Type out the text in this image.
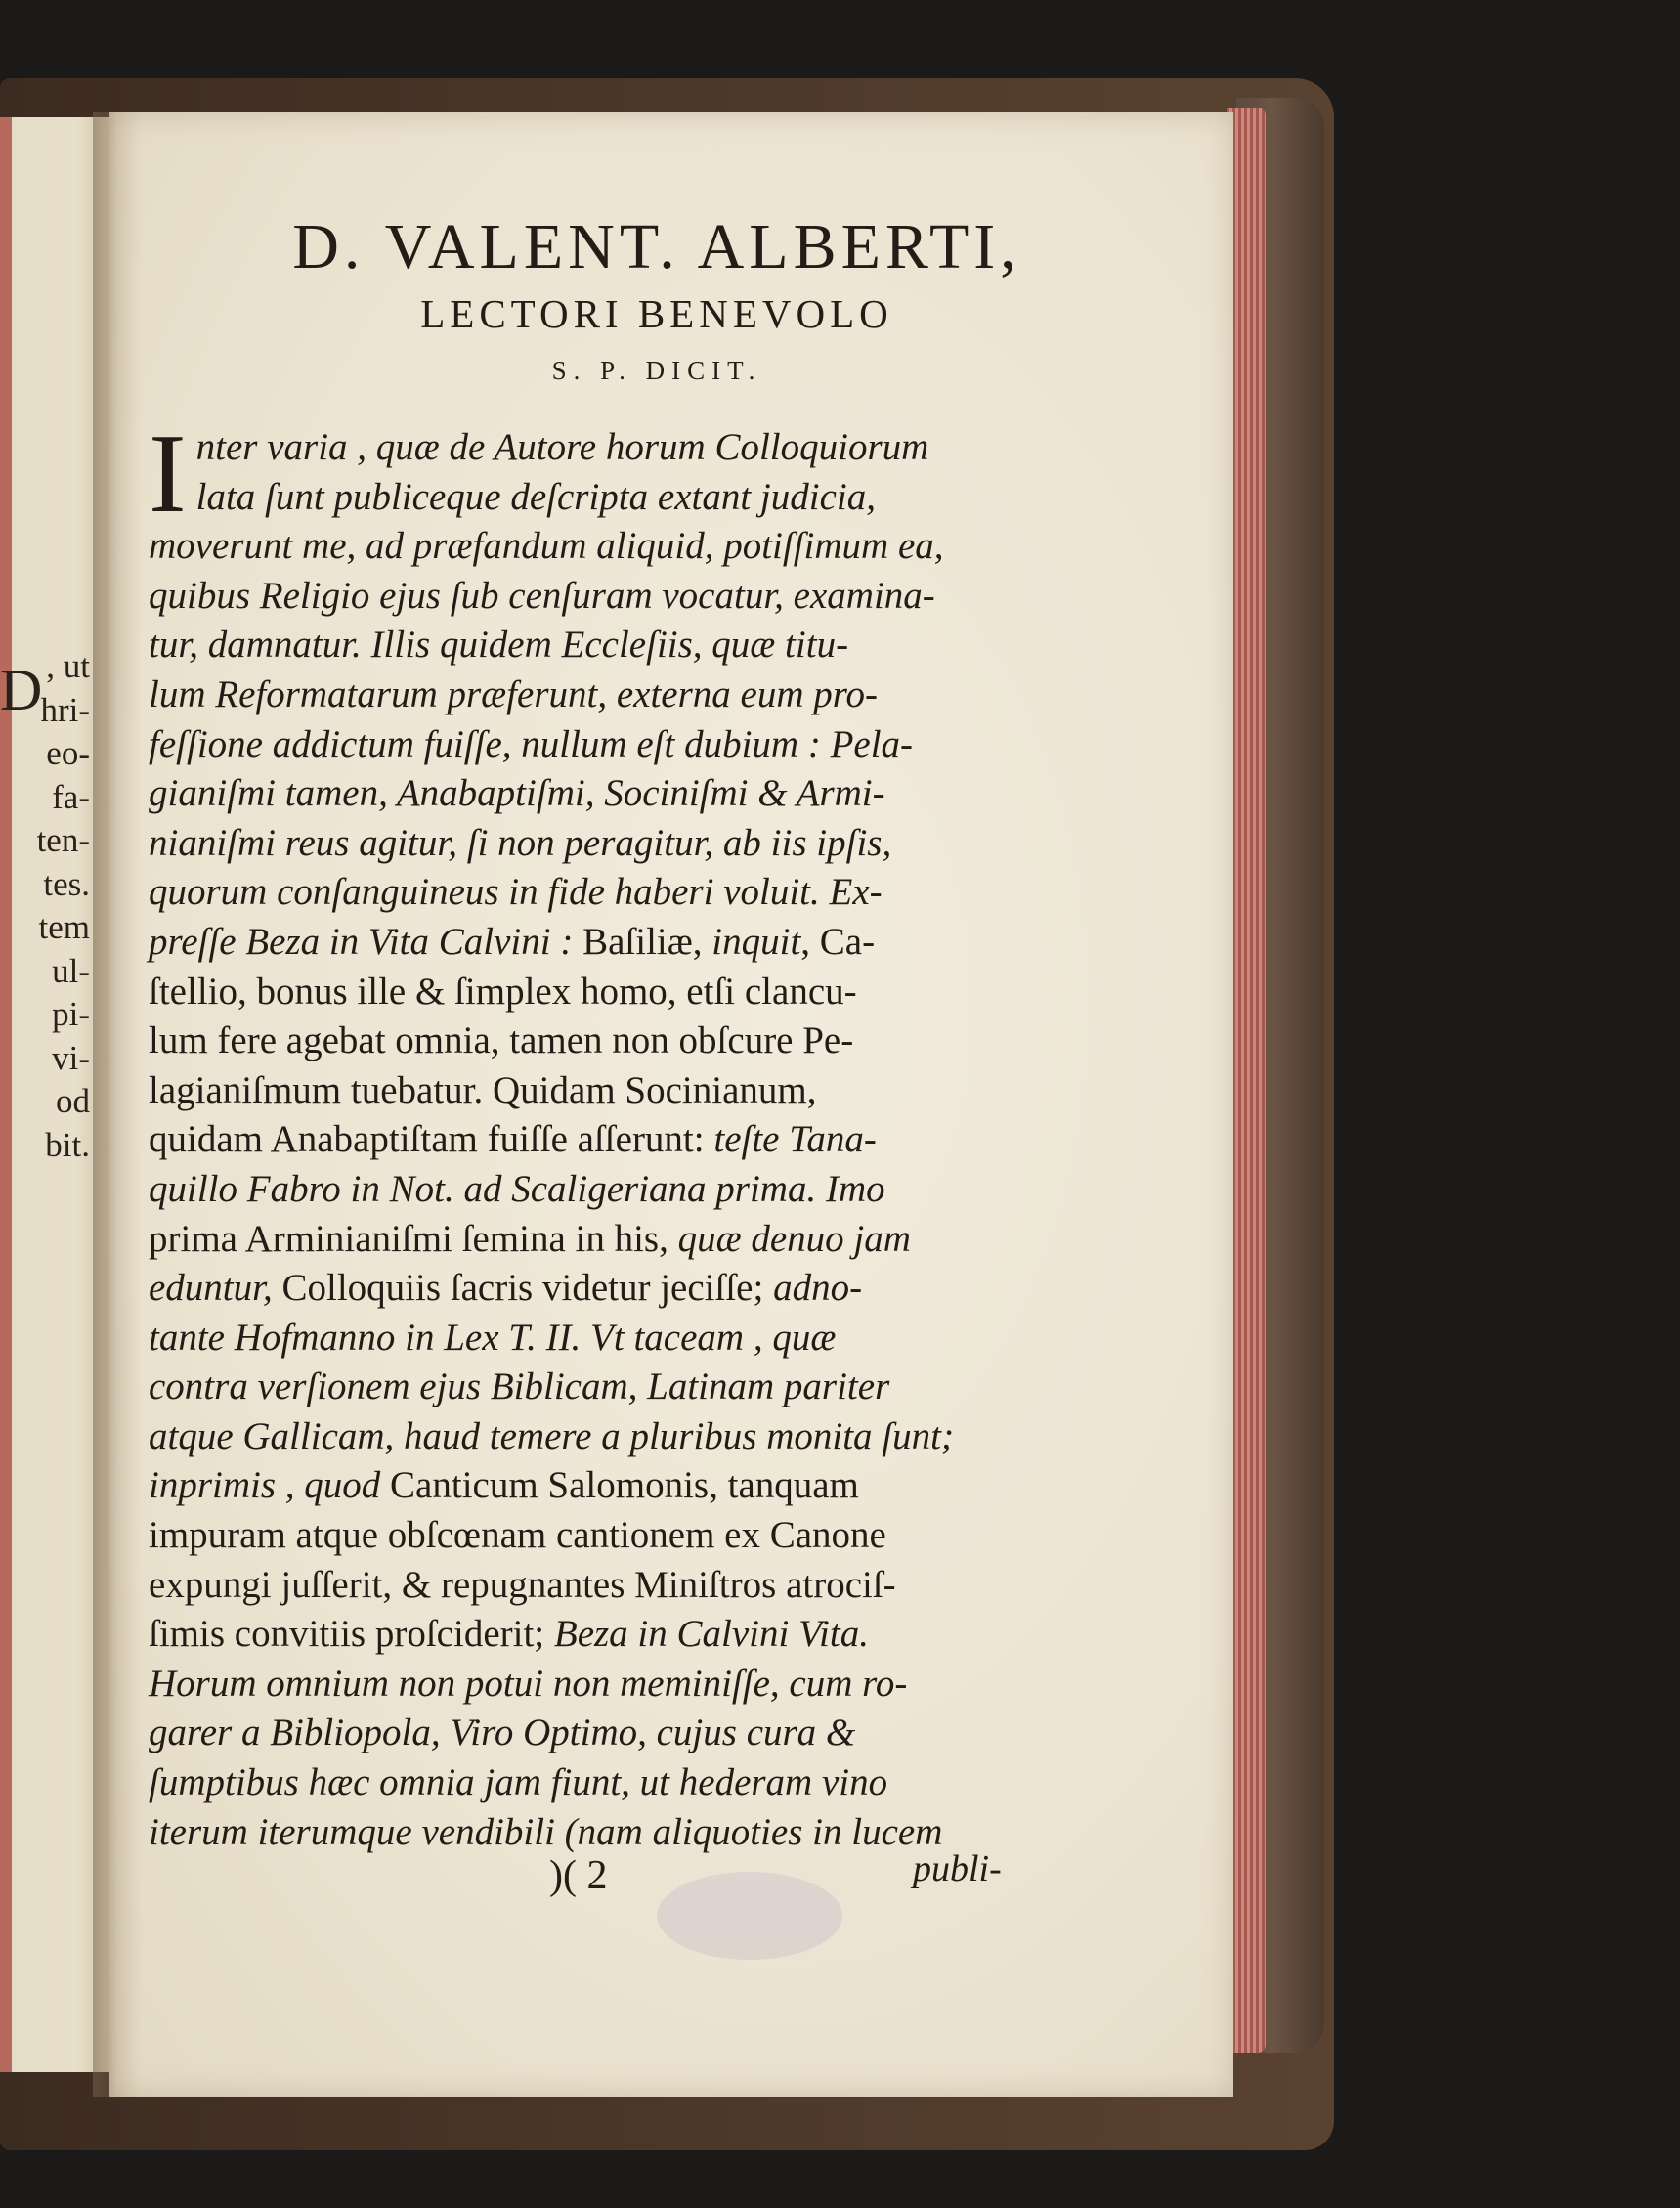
D , ut
hri-
eo-
fa-
ten-
tes.
tem
ul-
pi-
vi-
od
bit.
D. VALENT. ALBERTI,
LECTORI BENEVOLO
S. P. DICIT.
I nter varia , quæ de Autore horum Colloquiorum
lata ſunt publiceque deſcripta extant judicia,
moverunt me, ad præfandum aliquid, potiſſimum ea,
quibus Religio ejus ſub cenſuram vocatur, examina-
tur, damnatur. Illis quidem Eccleſiis, quæ titu-
lum Reformatarum præferunt, externa eum pro-
feſſione addictum fuiſſe, nullum eſt dubium : Pela-
gianiſmi tamen, Anabaptiſmi, Sociniſmi & Armi-
nianiſmi reus agitur, ſi non peragitur, ab iis ipſis,
quorum conſanguineus in fide haberi voluit. Ex-
preſſe Beza in Vita Calvini : Baſiliæ, inquit, Ca-
ſtellio, bonus ille & ſimplex homo, etſi clancu-
lum fere agebat omnia, tamen non obſcure Pe-
lagianiſmum tuebatur. Quidam Socinianum,
quidam Anabaptiſtam fuiſſe aſſerunt: teſte Tana-
quillo Fabro in Not. ad Scaligeriana prima. Imo
prima Arminianiſmi ſemina in his, quæ denuo jam
eduntur, Colloquiis ſacris videtur jeciſſe; adno-
tante Hofmanno in Lex T. II. Vt taceam , quæ
contra verſionem ejus Biblicam, Latinam pariter
atque Gallicam, haud temere a pluribus monita ſunt;
inprimis , quod Canticum Salomonis, tanquam
impuram atque obſcœnam cantionem ex Canone
expungi juſſerit, & repugnantes Miniſtros atrociſ-
ſimis convitiis proſciderit; Beza in Calvini Vita.
Horum omnium non potui non meminiſſe, cum ro-
garer a Bibliopola, Viro Optimo, cujus cura &
ſumptibus hæc omnia jam fiunt, ut hederam vino
iterum iterumque vendibili (nam aliquoties in lucem
)( 2	publi-
